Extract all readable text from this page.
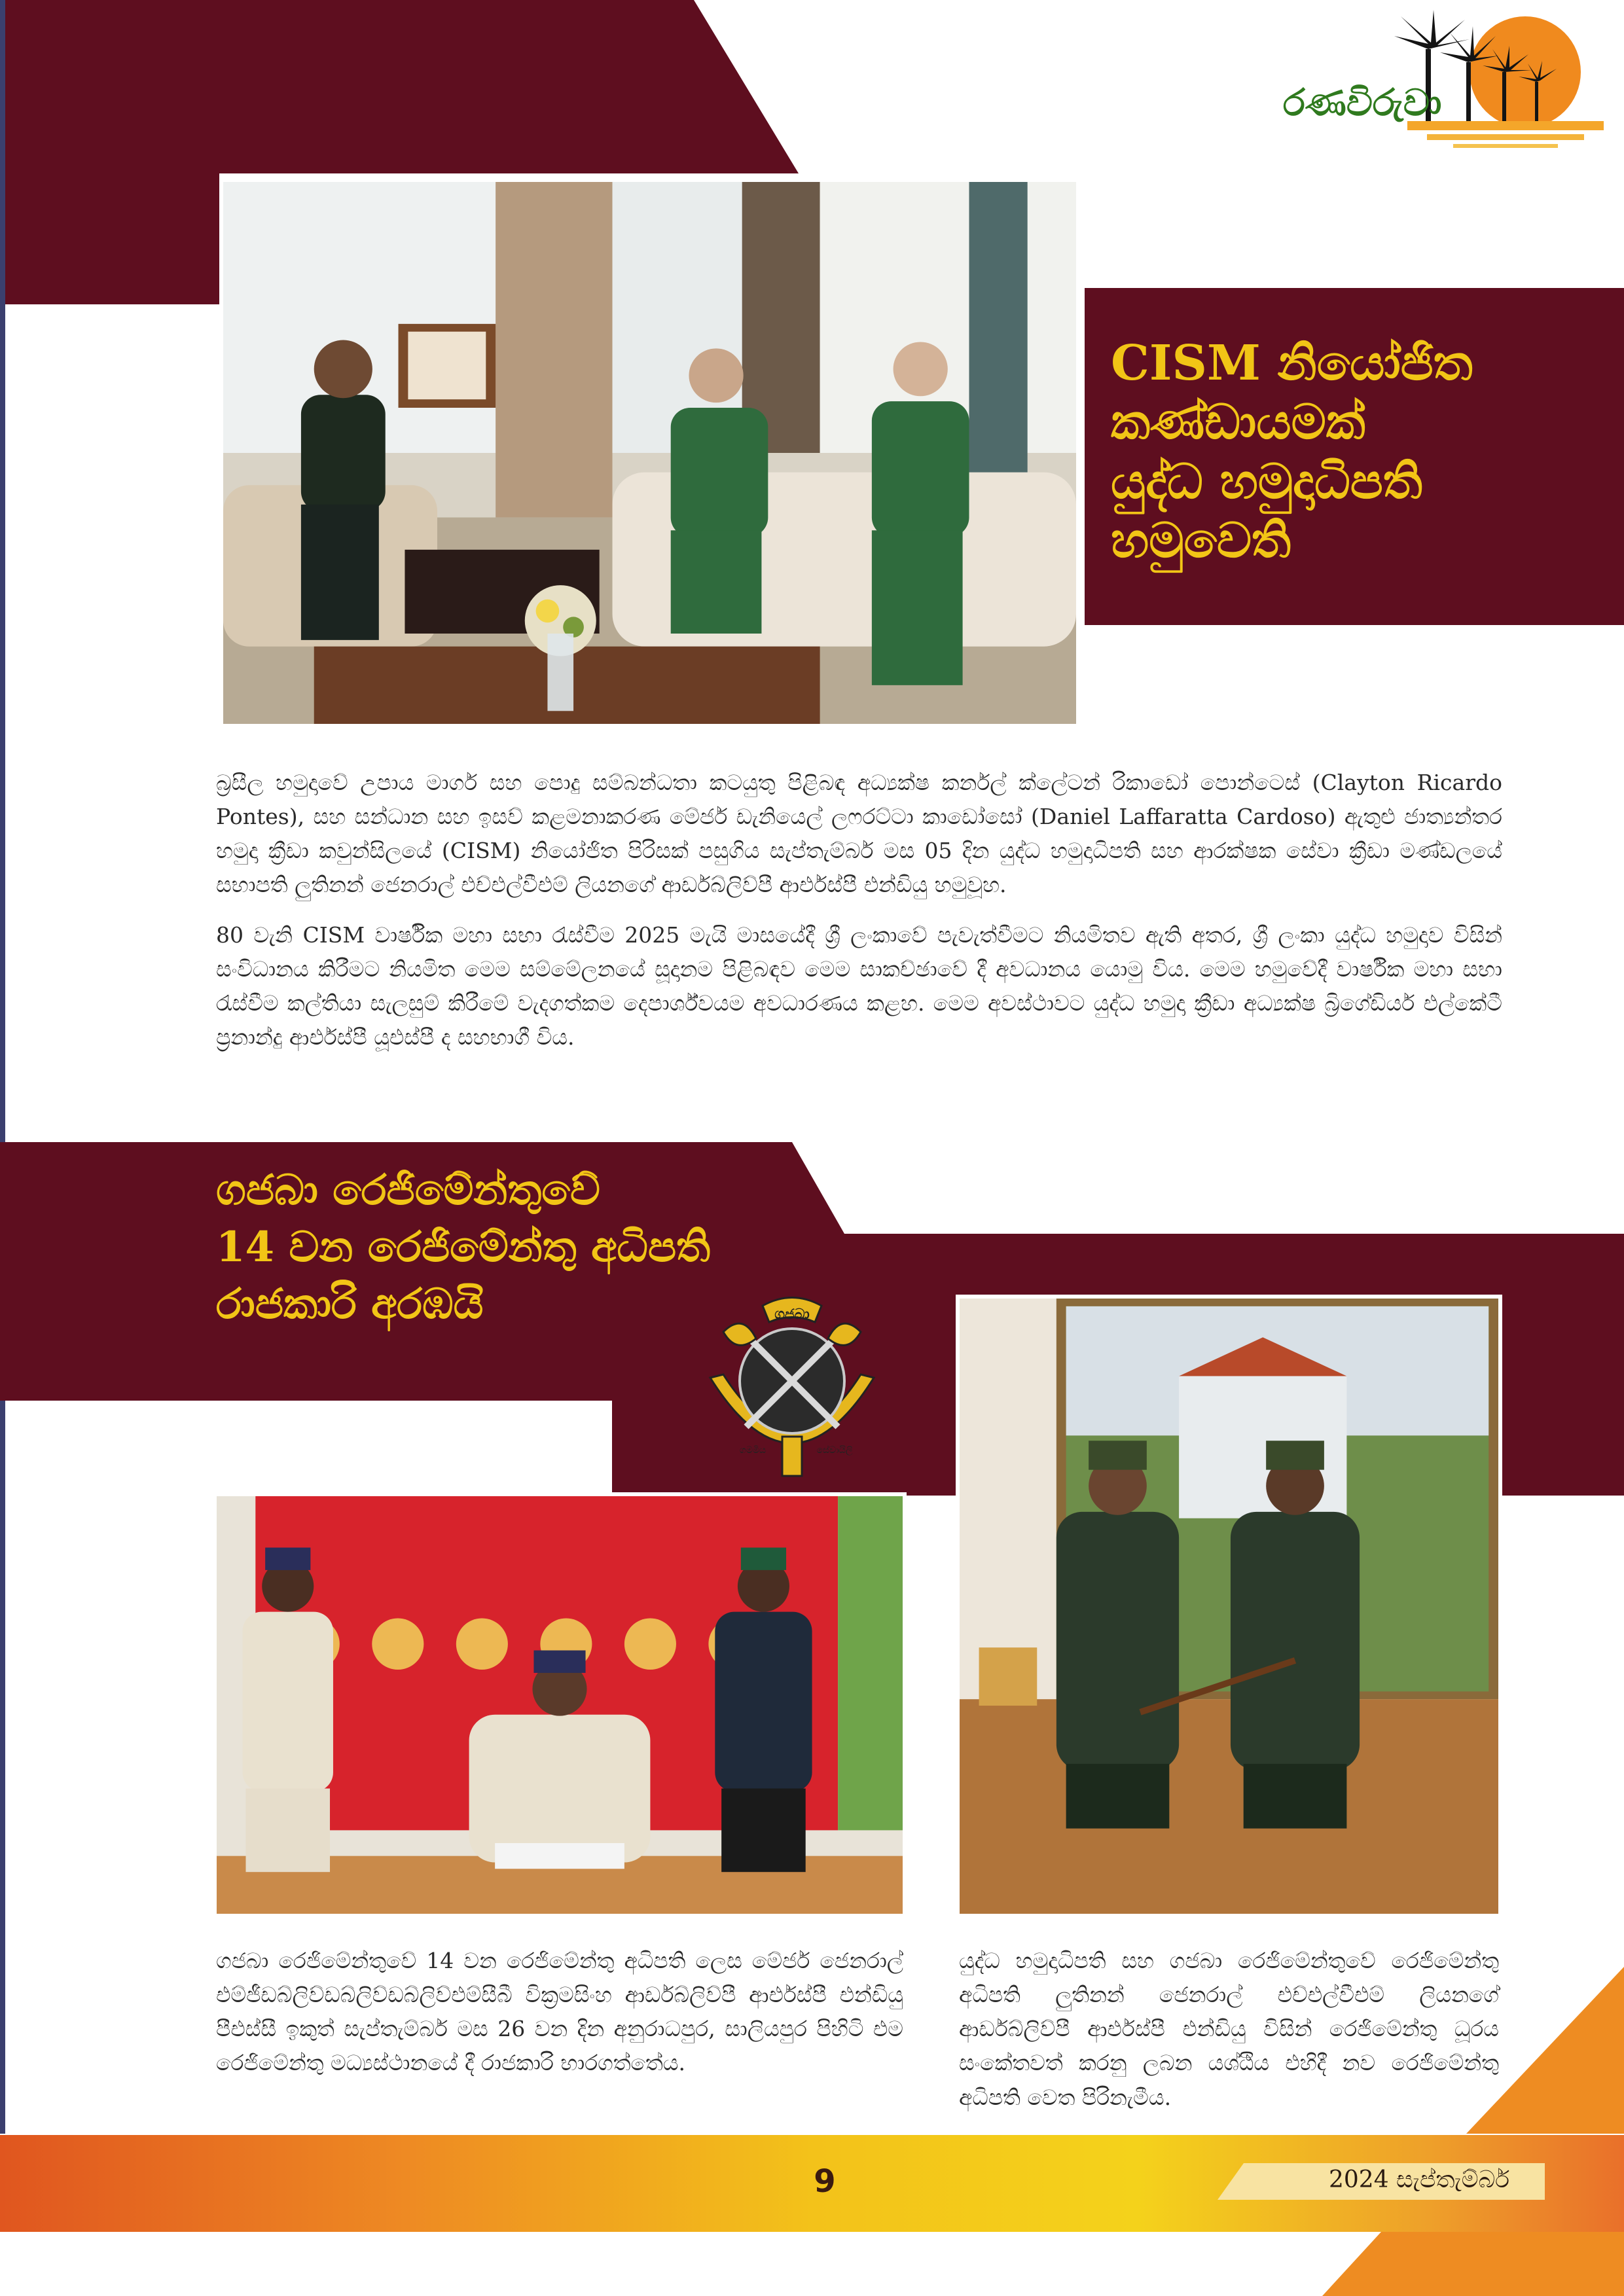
රණවිරුවා
CISM නියෝජිත
කණ්ඩායමක්
යුද්ධ හමුදාධිපති
හමුවෙති

බ්‍රසීල හමුදාවේ උපාය මාර්ග සහ පොදු සම්බන්ධතා කටයුතු පිළිබඳ අධ්‍යක්ෂ කර්නල් ක්ලේටන් රිකාඩෝ පොන්ටෙස් (Clayton Ricardo Pontes), සහ සන්ධාන සහ ඉසව් කළමනාකරණ මේජර් ඩැනියෙල් ලෆරට්ටා කාඩෝසෝ (Daniel Laffaratta Cardoso) ඇතුළු ජාත්‍යන්තර හමුදා ක්‍රීඩා කවුන්සිලයේ (CISM) නියෝජිත පිරිසක් පසුගිය සැප්තැම්බර් මස 05 දින යුද්ධ හමුදාධිපති සහ ආරක්ෂක සේවා ක්‍රීඩා මණ්ඩලයේ සභාපති ලුතිනන් ජෙනරාල් එච්එල්වීඑම් ලියනගේ ආර්ඩබ්ලිව්පී ආර්එස්පී එන්ඩියු හමුවූහ.

80 වැනි CISM වාර්ෂික මහා සභා රැස්වීම 2025 මැයි මාසයේදී ශ්‍රී ලංකාවේ පැවැත්වීමට නියමිතව ඇති අතර, ශ්‍රී ලංකා යුද්ධ හමුදාව විසින් සංවිධානය කිරීමට නියමිත මෙම සම්මේලනයේ සූදානම පිළිබඳව මෙම සාකච්ඡාවේ දී අවධානය යොමු විය. මෙම හමුවේදී වාර්ෂික මහා සභා රැස්වීම කල්තියා සැලසුම් කිරීමේ වැදගත්කම දෙපාර්ශ්වයම අවධාරණය කළහ. මෙම අවස්ථාවට යුද්ධ හමුදා ක්‍රීඩා අධ්‍යක්ෂ බ්‍රිගේඩියර් එල්කේටී ප්‍රනාන්දු ආර්එස්පී යූඑස්පී ද සහභාගී විය.

ගජබා රෙජිමේන්තුවේ
14 වන රෙජිමේන්තු අධිපති
රාජකාරි අරඹයි	ගජබා
ගමමිය	සේවායිලි

ගජබා රෙජිමේන්තුවේ 14 වන රෙජිමේන්තු අධිපති ලෙස මේජර් ජෙනරාල් එම්ජීඩබ්ලිව්ඩබ්ලිව්ඩබ්ලිව්එම්සීබී වික්‍රමසිංහ ආර්ඩබ්ලිව්පී ආර්එස්පී එන්ඩියු පීඑස්සී ඉකුත් සැප්තැම්බර් මස 26 වන දින අනුරාධපුර, සාලියපුර පිහිටි එම රෙජිමේන්තු මධ්‍යස්ථානයේ දී රාජකාරි භාරගත්තේය.

යුද්ධ හමුදාධිපති සහ ගජබා රෙජිමේන්තුවේ රෙජිමේන්තු අධිපති ලුතිනන් ජෙනරාල් එච්එල්වීඑම් ලියනගේ ආර්ඩබ්ලිව්පී ආර්එස්පී එන්ඩියු විසින් රෙජිමේන්තු ධූරය සංකේතවත් කරනු ලබන යශ්ඨිය එහිදී නව රෙජිමේන්තු අධිපති වෙත පිරිනැමීය.

9	2024 සැප්තැම්බර්
